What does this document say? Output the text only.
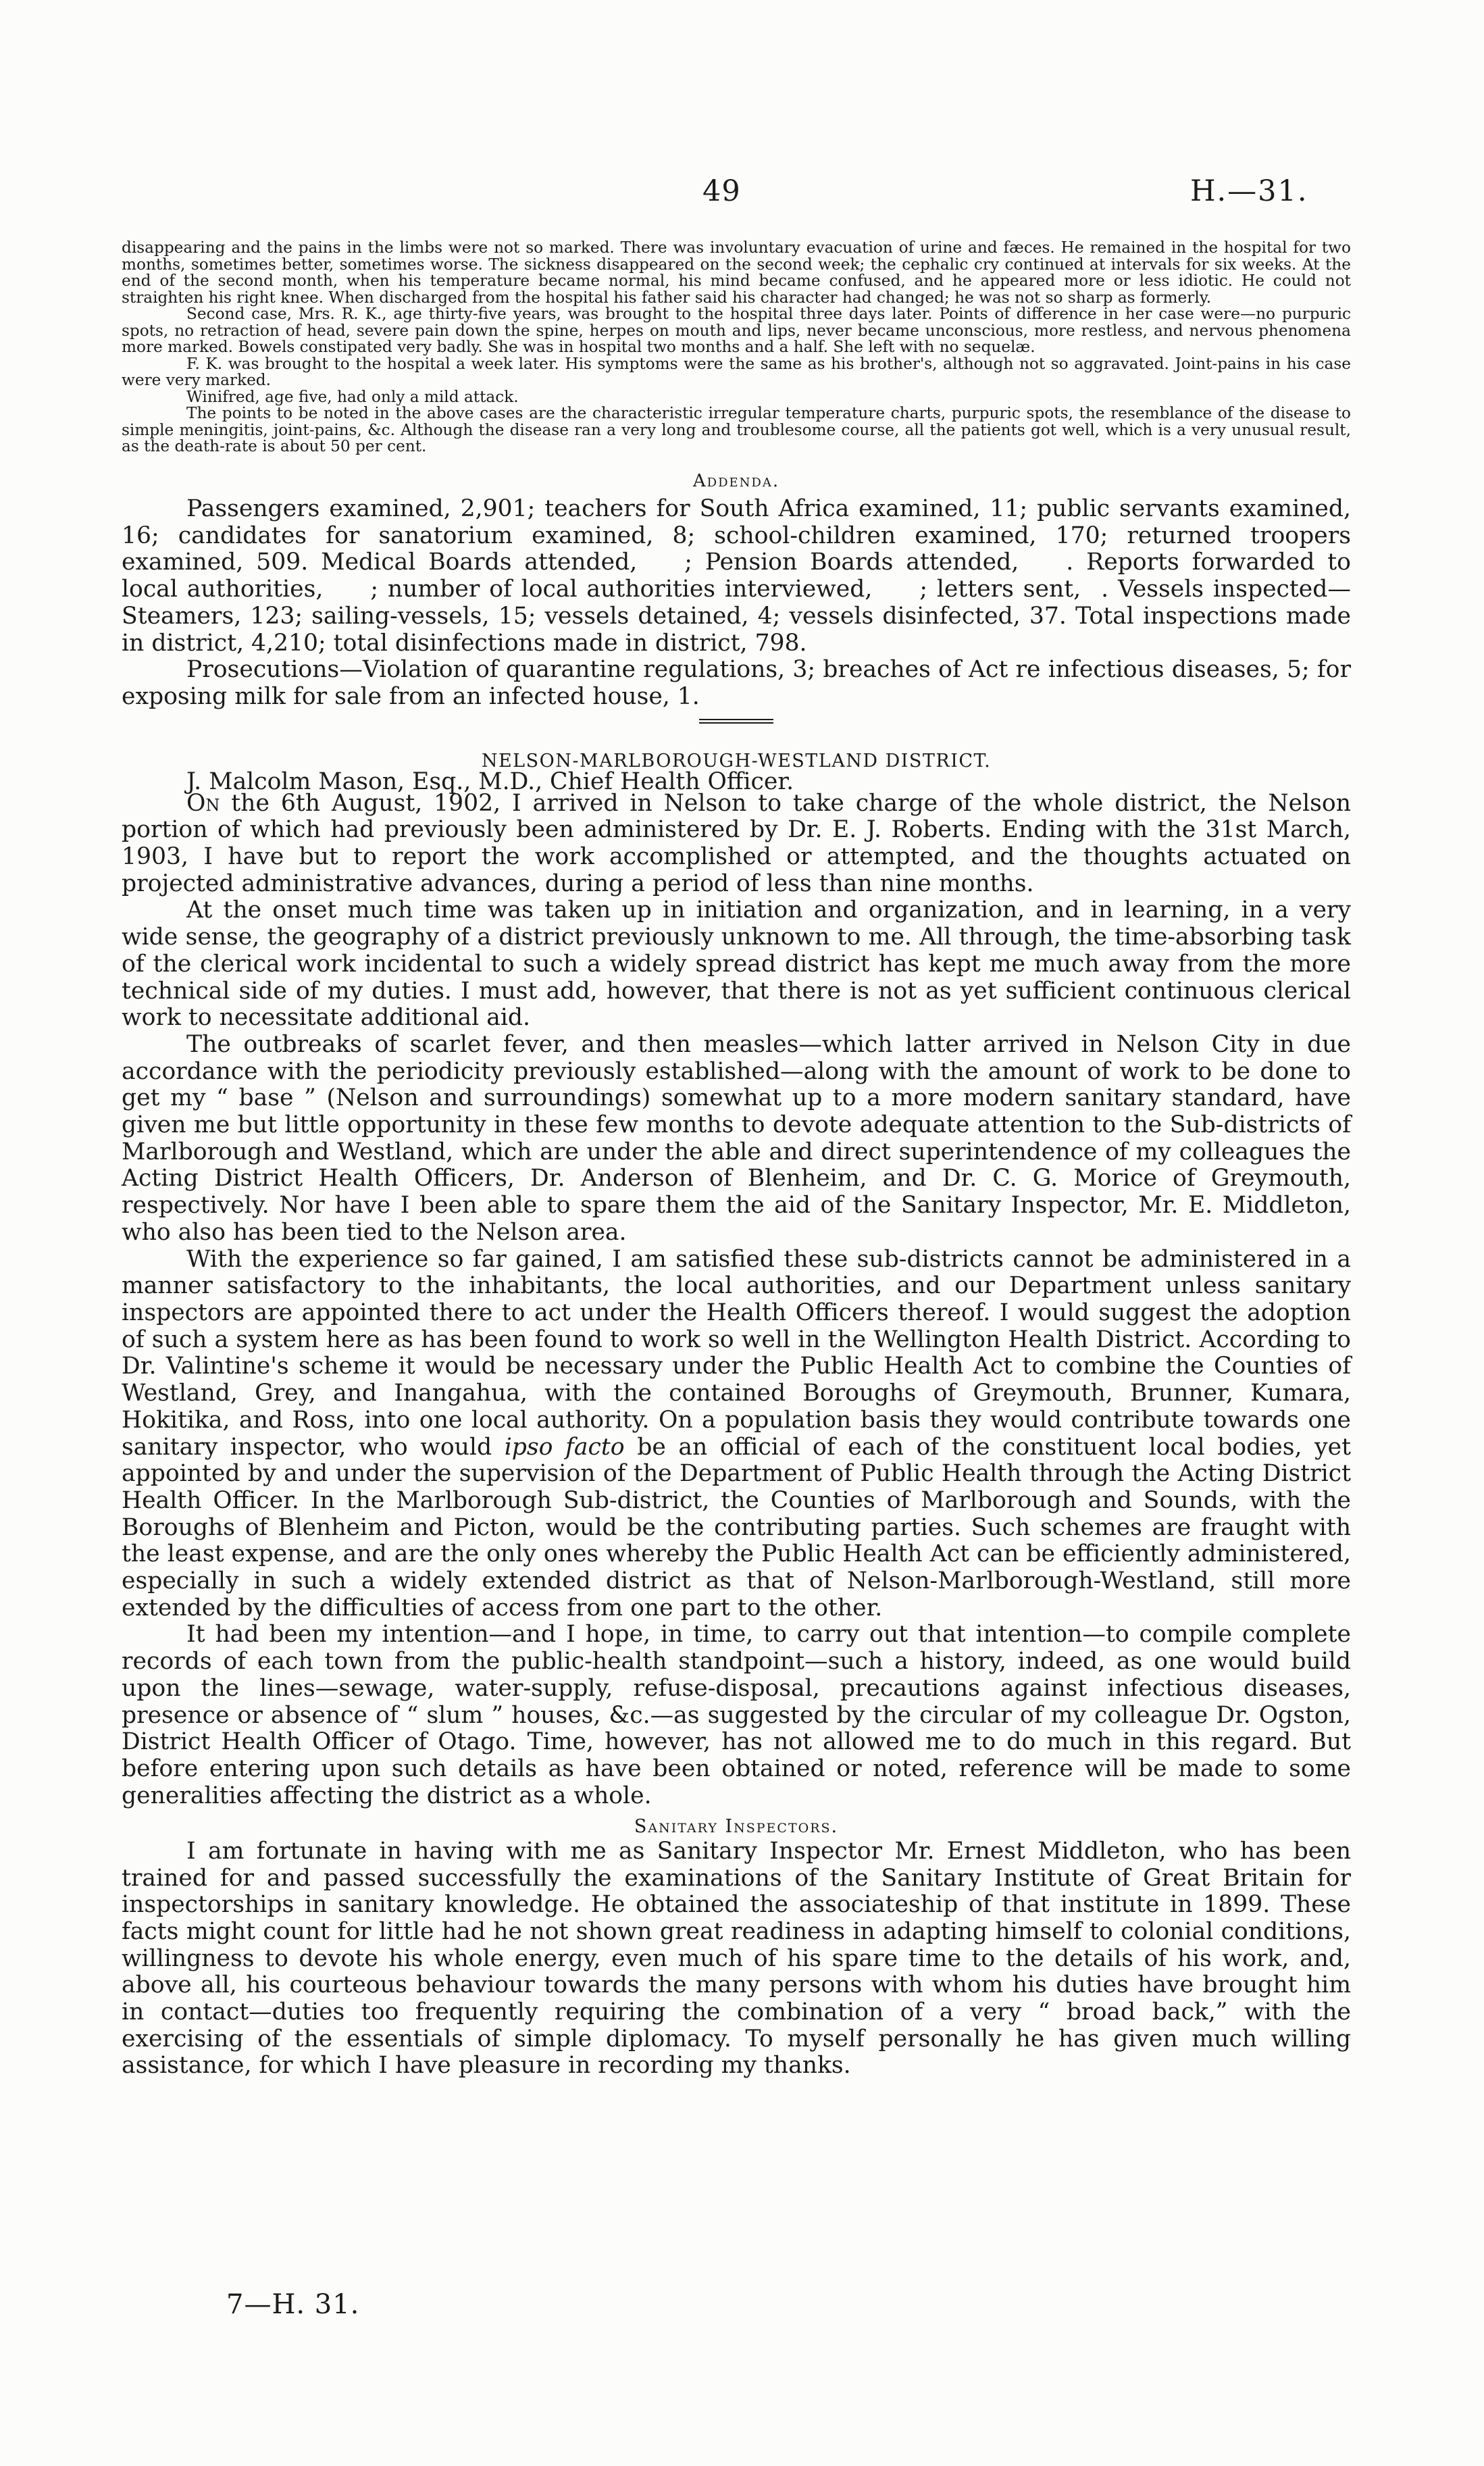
49	H.—31.

disappearing and the pains in the limbs were not so marked. There was involuntary evacuation of urine and fæces. He remained in the hospital for two months, sometimes better, sometimes worse. The sickness disappeared on the second week; the cephalic cry continued at intervals for six weeks. At the end of the second month, when his temperature became normal, his mind became confused, and he appeared more or less idiotic. He could not straighten his right knee. When discharged from the hospital his father said his character had changed; he was not so sharp as formerly.

Second case, Mrs. R. K., age thirty-five years, was brought to the hospital three days later. Points of difference in her case were—no purpuric spots, no retraction of head, severe pain down the spine, herpes on mouth and lips, never became unconscious, more restless, and nervous phenomena more marked. Bowels constipated very badly. She was in hospital two months and a half. She left with no sequelæ.

F. K. was brought to the hospital a week later. His symptoms were the same as his brother's, although not so aggravated. Joint-pains in his case were very marked.

Winifred, age five, had only a mild attack.

The points to be noted in the above cases are the characteristic irregular temperature charts, purpuric spots, the resemblance of the disease to simple meningitis, joint-pains, &c. Although the disease ran a very long and troublesome course, all the patients got well, which is a very unusual result, as the death-rate is about 50 per cent.

Addenda.

Passengers examined, 2,901; teachers for South Africa examined, 11; public servants examined, 16; candidates for sanatorium examined, 8; school-children examined, 170; returned troopers examined, 509. Medical Boards attended, ; Pension Boards attended, . Reports forwarded to local authorities, ; number of local authorities interviewed, ; letters sent, . Vessels inspected—Steamers, 123; sailing-vessels, 15; vessels detained, 4; vessels disinfected, 37. Total inspections made in district, 4,210; total disinfections made in district, 798.

Prosecutions—Violation of quarantine regulations, 3; breaches of Act re infectious diseases, 5; for exposing milk for sale from an infected house, 1.

NELSON-MARLBOROUGH-WESTLAND DISTRICT.
J. Malcolm Mason, Esq., M.D., Chief Health Officer.

On the 6th August, 1902, I arrived in Nelson to take charge of the whole district, the Nelson portion of which had previously been administered by Dr. E. J. Roberts. Ending with the 31st March, 1903, I have but to report the work accomplished or attempted, and the thoughts actuated on projected administrative advances, during a period of less than nine months.

At the onset much time was taken up in initiation and organization, and in learning, in a very wide sense, the geography of a district previously unknown to me. All through, the time-absorbing task of the clerical work incidental to such a widely spread district has kept me much away from the more technical side of my duties. I must add, however, that there is not as yet sufficient continuous clerical work to necessitate additional aid.

The outbreaks of scarlet fever, and then measles—which latter arrived in Nelson City in due accordance with the periodicity previously established—along with the amount of work to be done to get my “ base ” (Nelson and surroundings) somewhat up to a more modern sanitary standard, have given me but little opportunity in these few months to devote adequate attention to the Sub-districts of Marlborough and Westland, which are under the able and direct superintendence of my colleagues the Acting District Health Officers, Dr. Anderson of Blenheim, and Dr. C. G. Morice of Greymouth, respectively. Nor have I been able to spare them the aid of the Sanitary Inspector, Mr. E. Middleton, who also has been tied to the Nelson area.

With the experience so far gained, I am satisfied these sub-districts cannot be administered in a manner satisfactory to the inhabitants, the local authorities, and our Department unless sanitary inspectors are appointed there to act under the Health Officers thereof. I would suggest the adoption of such a system here as has been found to work so well in the Wellington Health District. According to Dr. Valintine's scheme it would be necessary under the Public Health Act to combine the Counties of Westland, Grey, and Inangahua, with the contained Boroughs of Greymouth, Brunner, Kumara, Hokitika, and Ross, into one local authority. On a population basis they would contribute towards one sanitary inspector, who would ipso facto be an official of each of the constituent local bodies, yet appointed by and under the supervision of the Department of Public Health through the Acting District Health Officer. In the Marlborough Sub-district, the Counties of Marlborough and Sounds, with the Boroughs of Blenheim and Picton, would be the contributing parties. Such schemes are fraught with the least expense, and are the only ones whereby the Public Health Act can be efficiently administered, especially in such a widely extended district as that of Nelson-Marlborough-Westland, still more extended by the difficulties of access from one part to the other.

It had been my intention—and I hope, in time, to carry out that intention—to compile complete records of each town from the public-health standpoint—such a history, indeed, as one would build upon the lines—sewage, water-supply, refuse-disposal, precautions against infectious diseases, presence or absence of “ slum ” houses, &c.—as suggested by the circular of my colleague Dr. Ogston, District Health Officer of Otago. Time, however, has not allowed me to do much in this regard. But before entering upon such details as have been obtained or noted, reference will be made to some generalities affecting the district as a whole.

Sanitary Inspectors.

I am fortunate in having with me as Sanitary Inspector Mr. Ernest Middleton, who has been trained for and passed successfully the examinations of the Sanitary Institute of Great Britain for inspectorships in sanitary knowledge. He obtained the associateship of that institute in 1899. These facts might count for little had he not shown great readiness in adapting himself to colonial conditions, willingness to devote his whole energy, even much of his spare time to the details of his work, and, above all, his courteous behaviour towards the many persons with whom his duties have brought him in contact—duties too frequently requiring the combination of a very “ broad back,” with the exercising of the essentials of simple diplomacy. To myself personally he has given much willing assistance, for which I have pleasure in recording my thanks.

7—H. 31.
